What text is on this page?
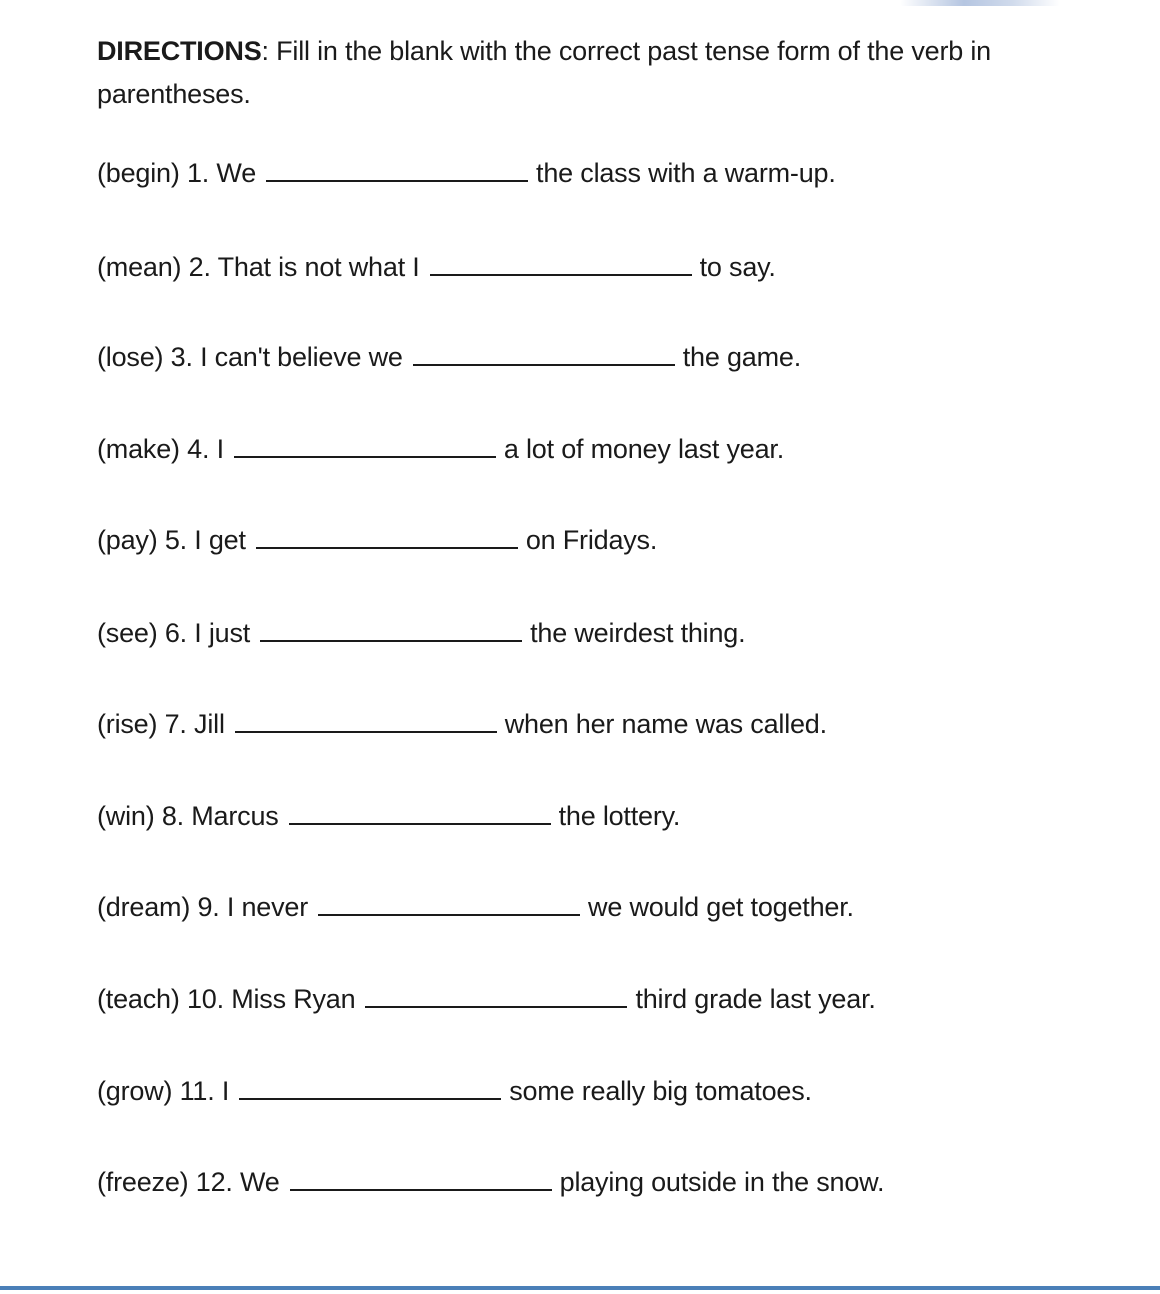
DIRECTIONS: Fill in the blank with the correct past tense form of the verb in parentheses.

(begin) 1. We	the class with a warm-up.
(mean) 2. That is not what I	to say.
(lose) 3. I can't believe we	the game.
(make) 4. I	a lot of money last year.
(pay) 5. I get	on Fridays.
(see) 6. I just	the weirdest thing.
(rise) 7. Jill	when her name was called.
(win) 8. Marcus	the lottery.
(dream) 9. I never	we would get together.
(teach) 10. Miss Ryan	third grade last year.
(grow) 11. I	some really big tomatoes.
(freeze) 12. We	playing outside in the snow.
